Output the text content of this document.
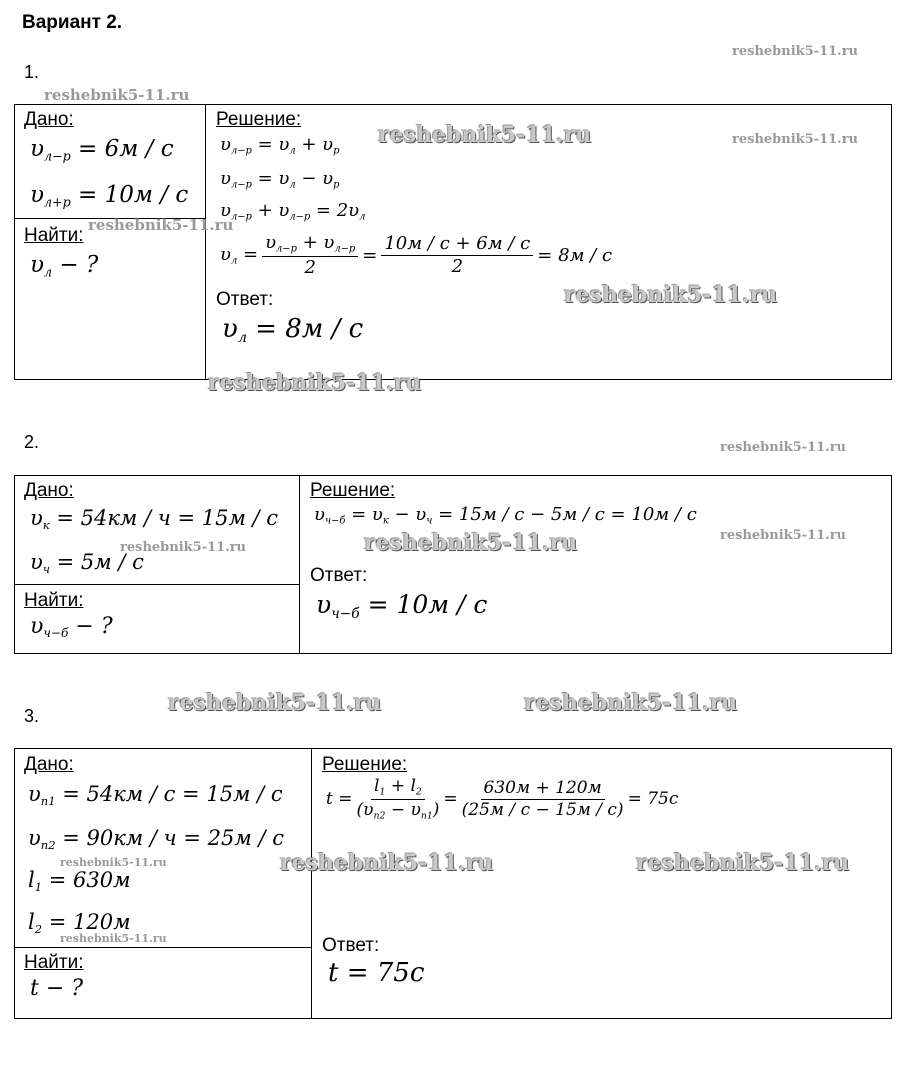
Вариант 2.
1.
Дано:
$\upsilon_{л-р} = 6м / с$
$\upsilon_{л+р} = 10м / с$
Найти:
$\upsilon_л$ − ?
Решение:
$\upsilon_{л-р} = \upsilon_л + \upsilon_р$
$\upsilon_{л-р} = \upsilon_л - \upsilon_р$
$\upsilon_{л-р} + \upsilon_{л-р} = 2\upsilon_л$
$\upsilon_л = \frac{\upsilon_{л-р} + \upsilon_{л-р}}{2} = \frac{10м / с + 6м / с}{2} = 8м / с$
Ответ:
$\upsilon_л = 8м / с$
2.
Дано:
$\upsilon_к = 54км / ч = 15м / с$
$\upsilon_ч = 5м / с$
Найти:
$\upsilon_{ч-б}$ − ?
Решение:
$\upsilon_{ч-б} = \upsilon_к - \upsilon_ч = 15м / с - 5м / с = 10м / с$
Ответ:
$\upsilon_{ч-б} = 10м / с$
3.
Дано:
$\upsilon_{п1} = 54км / с = 15м / с$
$\upsilon_{п2} = 90км / ч = 25м / с$
$l_1 = 630м$
$l_2 = 120м$
Найти:
t − ?
Решение:
$t = \frac{l_1 + l_2}{(\upsilon_{п2} - \upsilon_{п1})} = \frac{630м + 120м}{(25м / с - 15м / с)} = 75с$
Ответ:
t = 75с
reshebnik5-11.ru
reshebnik5-11.ru
reshebnik5-11.ru	reshebnik5-11.ru
reshebnik5-11.ru
reshebnik5-11.ru
reshebnik5-11.ru
reshebnik5-11.ru
reshebnik5-11.ru	reshebnik5-11.ru	reshebnik5-11.ru
reshebnik5-11.ru	reshebnik5-11.ru
reshebnik5-11.ru	reshebnik5-11.ru	reshebnik5-11.ru
reshebnik5-11.ru
